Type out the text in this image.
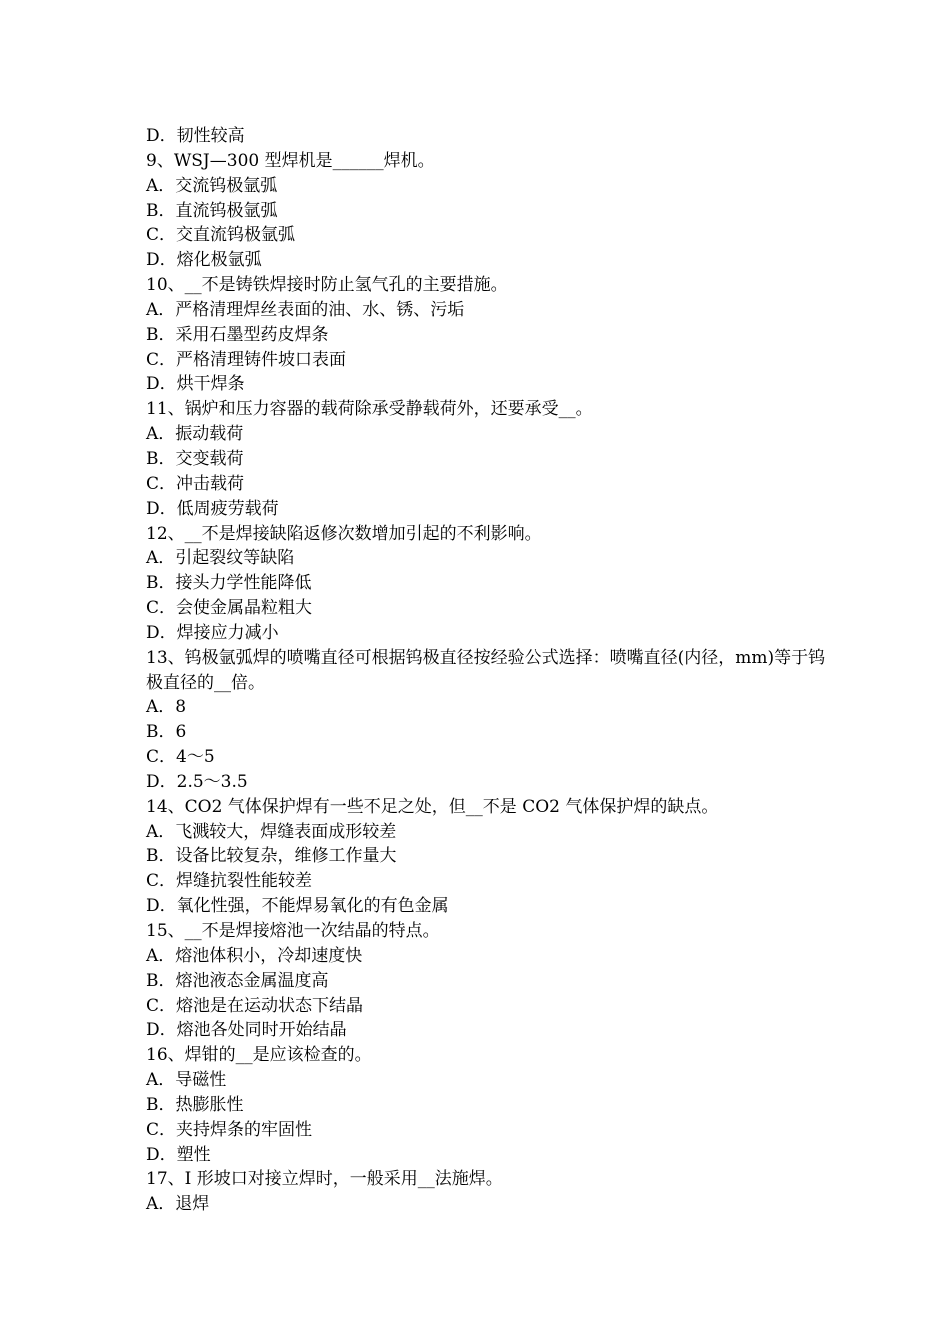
D．韧性较高
9、WSJ—300 型焊机是______焊机。
A．交流钨极氩弧
B．直流钨极氩弧
C．交直流钨极氩弧
D．熔化极氩弧
10、__不是铸铁焊接时防止氢气孔的主要措施。
A．严格清理焊丝表面的油、水、锈、污垢
B．采用石墨型药皮焊条
C．严格清理铸件坡口表面
D．烘干焊条
11、锅炉和压力容器的载荷除承受静载荷外，还要承受__。
A．振动载荷
B．交变载荷
C．冲击载荷
D．低周疲劳载荷
12、__不是焊接缺陷返修次数增加引起的不利影响。
A．引起裂纹等缺陷
B．接头力学性能降低
C．会使金属晶粒粗大
D．焊接应力减小
13、钨极氩弧焊的喷嘴直径可根据钨极直径按经验公式选择：喷嘴直径(内径，mm)等于钨极直径的__倍。
A．8
B．6
C．4～5
D．2.5～3.5
14、CO2 气体保护焊有一些不足之处，但__不是 CO2 气体保护焊的缺点。
A．飞溅较大，焊缝表面成形较差
B．设备比较复杂，维修工作量大
C．焊缝抗裂性能较差
D．氧化性强，不能焊易氧化的有色金属
15、__不是焊接熔池一次结晶的特点。
A．熔池体积小，冷却速度快
B．熔池液态金属温度高
C．熔池是在运动状态下结晶
D．熔池各处同时开始结晶
16、焊钳的__是应该检查的。
A．导磁性
B．热膨胀性
C．夹持焊条的牢固性
D．塑性
17、I 形坡口对接立焊时，一般采用__法施焊。
A．退焊
